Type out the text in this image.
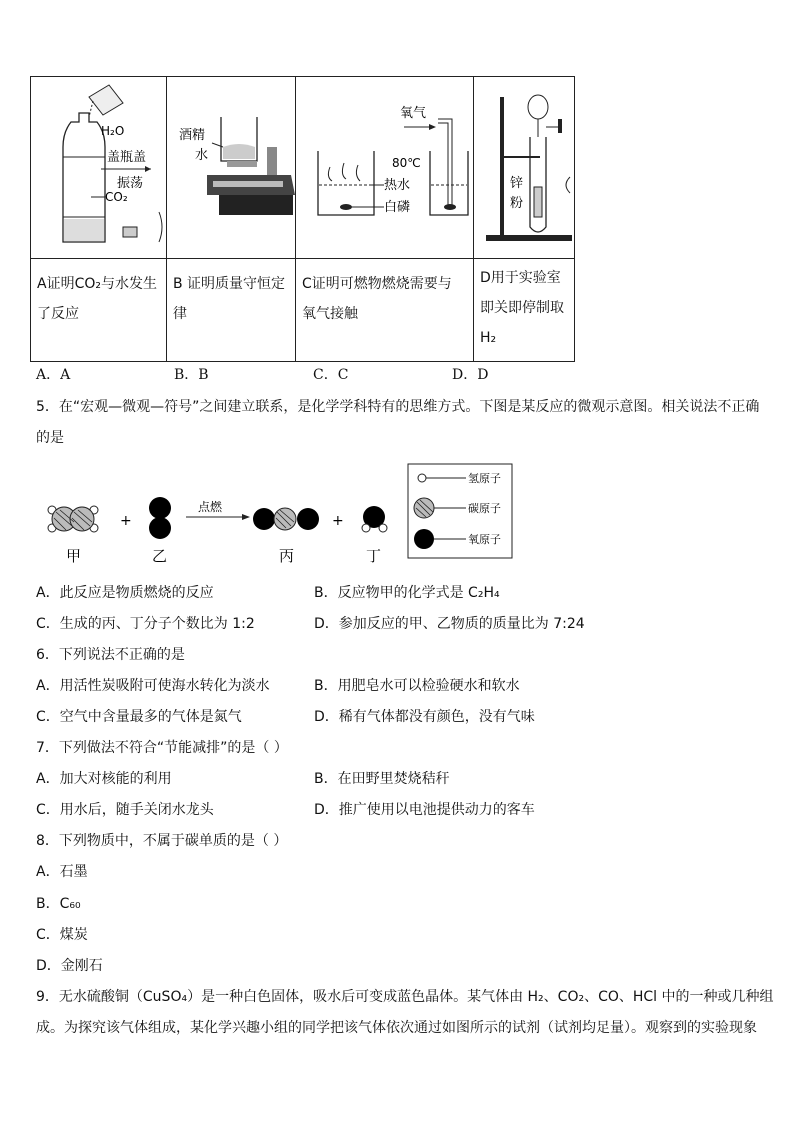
H₂O
盖瓶盖
振荡
CO₂	酒精
水	氧气
80℃
热水
白磷	锌
粉

A证明CO₂与水发生了反应	B 证明质量守恒定律	C证明可燃物燃烧需要与氧气接触	D用于实验室即关即停制取H₂
A．A	B．B	C．C	D．D
5．在“宏观—微观—符号”之间建立联系，是化学学科特有的思维方式。下图是某反应的微观示意图。相关说法不正确
的是
+
点燃
+
甲	乙	丙	丁
氢原子
碳原子
氧原子
A．此反应是物质燃烧的反应	B．反应物甲的化学式是 C₂H₄
C．生成的丙、丁分子个数比为 1:2	D．参加反应的甲、乙物质的质量比为 7:24
6．下列说法不正确的是
A．用活性炭吸附可使海水转化为淡水	B．用肥皂水可以检验硬水和软水
C．空气中含量最多的气体是氮气	D．稀有气体都没有颜色，没有气味
7．下列做法不符合“节能减排”的是（ ）
A．加大对核能的利用	B．在田野里焚烧秸秆
C．用水后，随手关闭水龙头	D．推广使用以电池提供动力的客车
8．下列物质中，不属于碳单质的是（ ）
A．石墨
B．C₆₀
C．煤炭
D．金刚石
9．无水硫酸铜（CuSO₄）是一种白色固体，吸水后可变成蓝色晶体。某气体由 H₂、CO₂、CO、HCl 中的一种或几种组
成。为探究该气体组成，某化学兴趣小组的同学把该气体依次通过如图所示的试剂（试剂均足量）。观察到的实验现象
